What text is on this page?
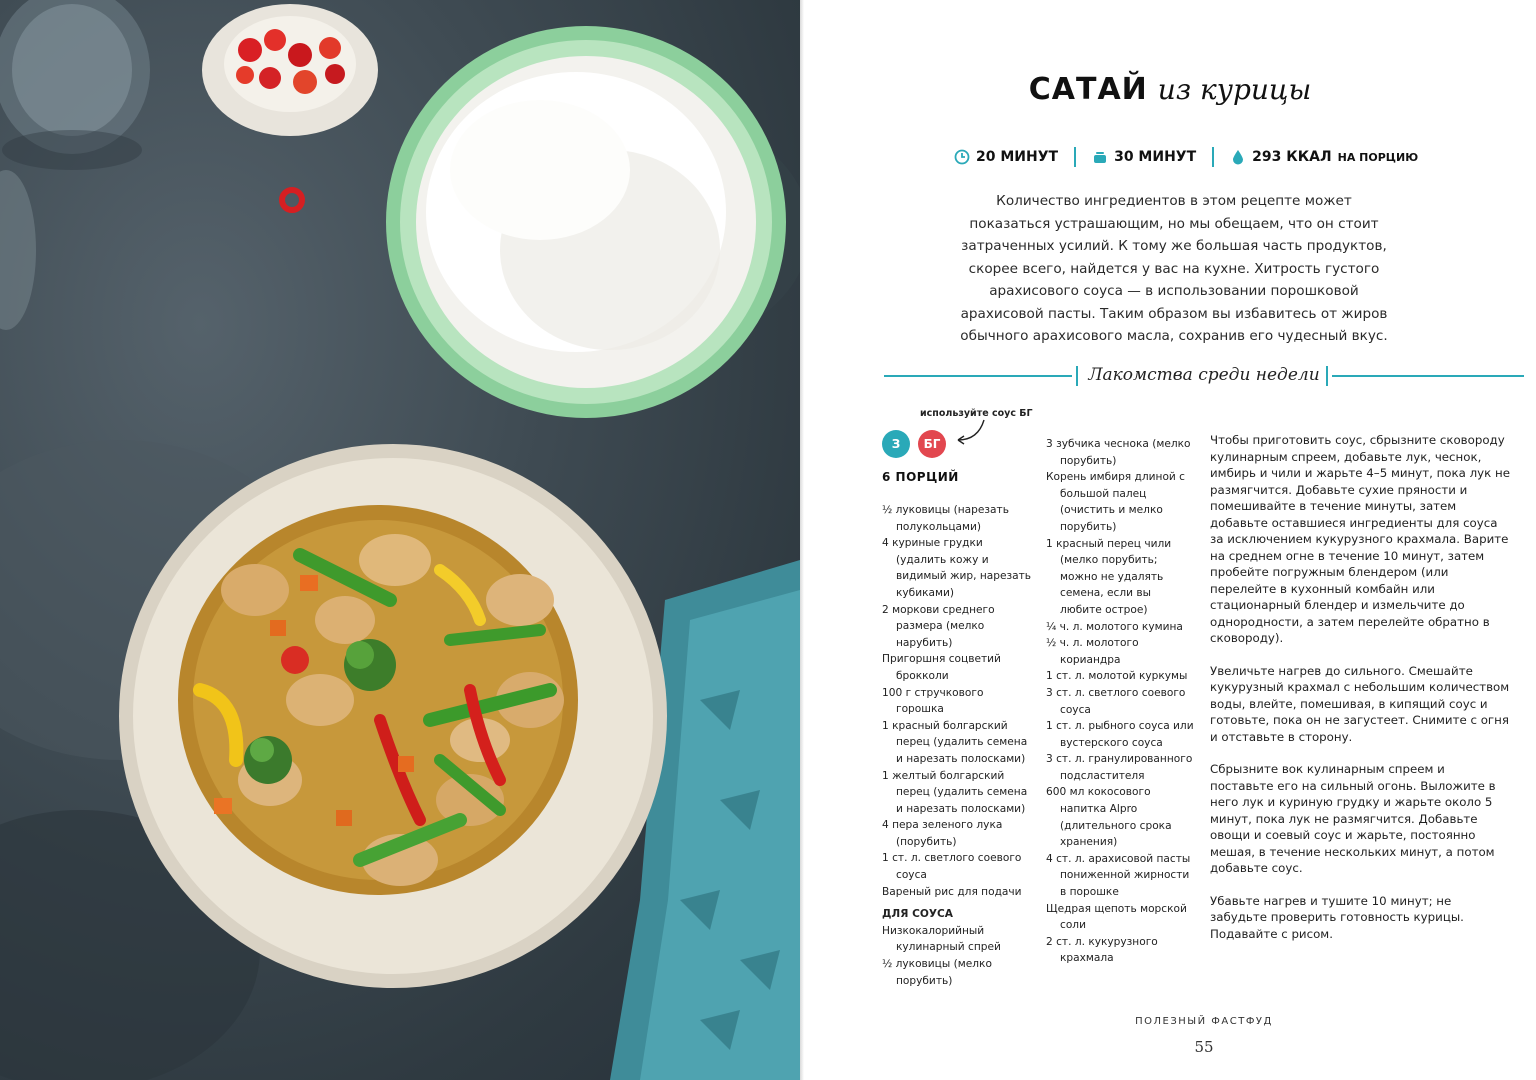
САТАЙ из курицы
20 МИНУТ	30 МИНУТ	293 ККАЛ НА ПОРЦИЮ
Количество ингредиентов в этом рецепте может показаться устрашающим, но мы обещаем, что он стоит затраченных усилий. К тому же большая часть продуктов, скорее всего, найдется у вас на кухне. Хитрость густого арахисового соуса — в использовании порошковой арахисовой пасты. Таким образом вы избавитесь от жиров обычного арахисового масла, сохранив его чудесный вкус.
Лакомства среди недели
используйте соус БГ
З	БГ
6 ПОРЦИЙ
½ луковицы (нарезать полукольцами)
4 куриные грудки (удалить кожу и видимый жир, нарезать кубиками)
2 моркови среднего размера (мелко нарубить)
Пригоршня соцветий брокколи
100 г стручкового горошка
1 красный болгарский перец (удалить семена и нарезать полосками)
1 желтый болгарский перец (удалить семена и нарезать полосками)
4 пера зеленого лука (порубить)
1 ст. л. светлого соевого соуса
Вареный рис для подачи
ДЛЯ СОУСА
Низкокалорийный кулинарный спрей
½ луковицы (мелко порубить)
3 зубчика чеснока (мелко порубить)
Корень имбиря длиной с большой палец (очистить и мелко порубить)
1 красный перец чили (мелко порубить; можно не удалять семена, если вы любите острое)
¼ ч. л. молотого кумина
½ ч. л. молотого кориандра
1 ст. л. молотой куркумы
3 ст. л. светлого соевого соуса
1 ст. л. рыбного соуса или вустерского соуса
3 ст. л. гранулированного подсластителя
600 мл кокосового напитка Alpro (длительного срока хранения)
4 ст. л. арахисовой пасты пониженной жирности в порошке
Щедрая щепоть морской соли
2 ст. л. кукурузного крахмала

Чтобы приготовить соус, сбрызните сковороду кулинарным спреем, добавьте лук, чеснок, имбирь и чили и жарьте 4–5 минут, пока лук не размягчится. Добавьте сухие пряности и помешивайте в течение минуты, затем добавьте оставшиеся ингредиенты для соуса за исключением кукурузного крахмала. Варите на среднем огне в течение 10 минут, затем пробейте погружным блендером (или перелейте в кухонный комбайн или стационарный блендер и измельчите до однородности, а затем перелейте обратно в сковороду).

Увеличьте нагрев до сильного. Смешайте кукурузный крахмал с небольшим количеством воды, влейте, помешивая, в кипящий соус и готовьте, пока он не загустеет. Снимите с огня и отставьте в сторону.

Сбрызните вок кулинарным спреем и поставьте его на сильный огонь. Выложите в него лук и куриную грудку и жарьте около 5 минут, пока лук не размягчится. Добавьте овощи и соевый соус и жарьте, постоянно мешая, в течение нескольких минут, а потом добавьте соус.

Убавьте нагрев и тушите 10 минут; не забудьте проверить готовность курицы. Подавайте с рисом.

ПОЛЕЗНЫЙ ФАСТФУД
55
